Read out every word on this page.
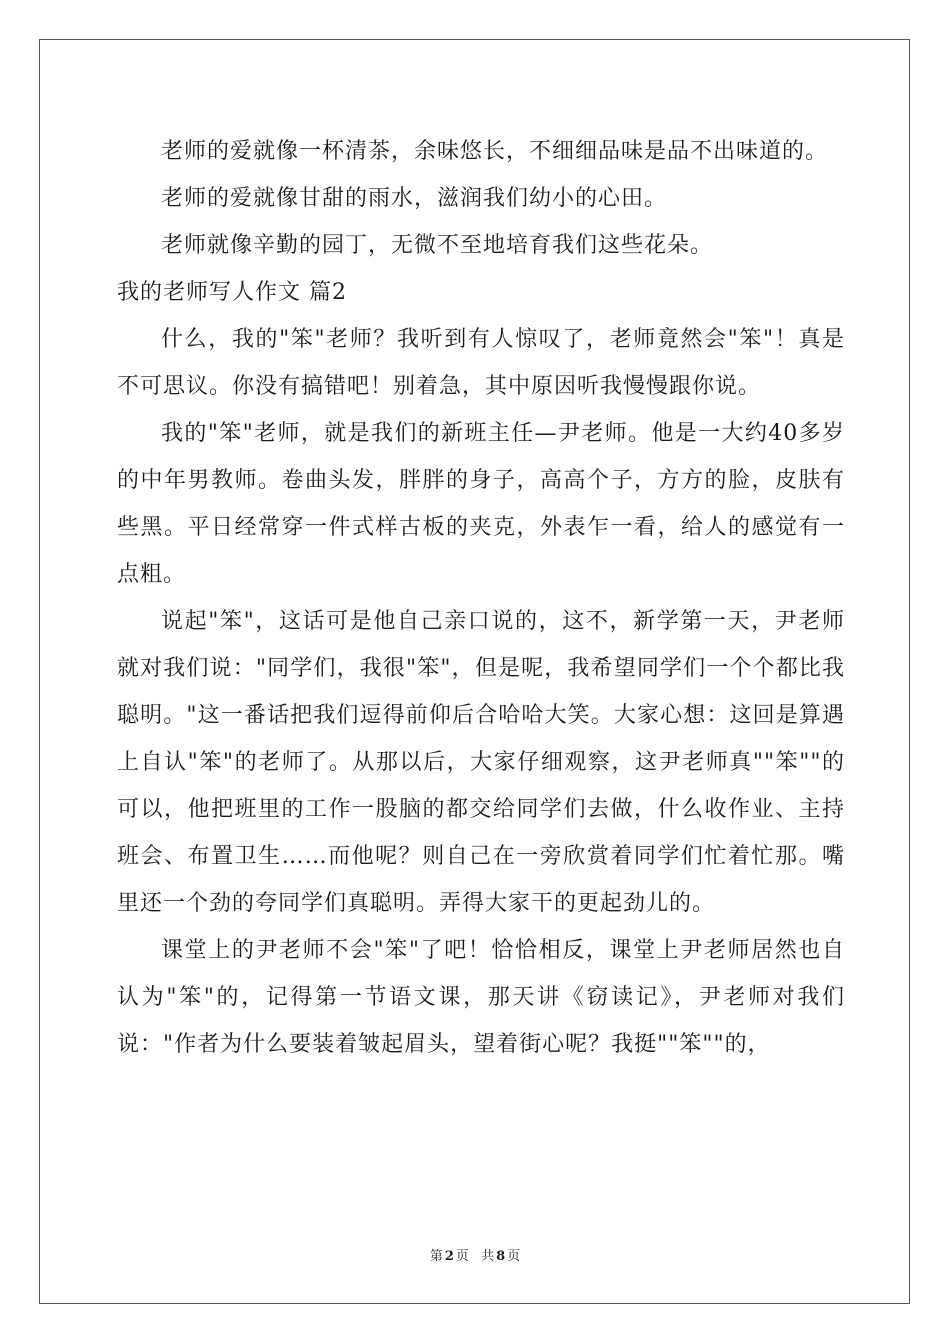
老师的爱就像一杯清茶，余味悠长，不细细品味是品不出味道的。

老师的爱就像甘甜的雨水，滋润我们幼小的心田。

老师就像辛勤的园丁，无微不至地培育我们这些花朵。

我的老师写人作文 篇2

什么，我的"笨"老师？我听到有人惊叹了，老师竟然会"笨"！真是不可思议。你没有搞错吧！别着急，其中原因听我慢慢跟你说。

我的"笨"老师，就是我们的新班主任—尹老师。他是一大约40多岁的中年男教师。卷曲头发，胖胖的身子，高高个子，方方的脸，皮肤有些黑。平日经常穿一件式样古板的夹克，外表乍一看，给人的感觉有一点粗。

说起"笨"，这话可是他自己亲口说的，这不，新学第一天，尹老师就对我们说："同学们，我很"笨"，但是呢，我希望同学们一个个都比我聪明。"这一番话把我们逗得前仰后合哈哈大笑。大家心想：这回是算遇上自认"笨"的老师了。从那以后，大家仔细观察，这尹老师真""笨""的可以，他把班里的工作一股脑的都交给同学们去做，什么收作业、主持班会、布置卫生……而他呢？则自己在一旁欣赏着同学们忙着忙那。嘴里还一个劲的夸同学们真聪明。弄得大家干的更起劲儿的。

课堂上的尹老师不会"笨"了吧！恰恰相反，课堂上尹老师居然也自认为"笨"的，记得第一节语文课，那天讲《窃读记》，尹老师对我们说："作者为什么要装着皱起眉头，望着街心呢？我挺""笨""的，

第 2 页 共 8 页
